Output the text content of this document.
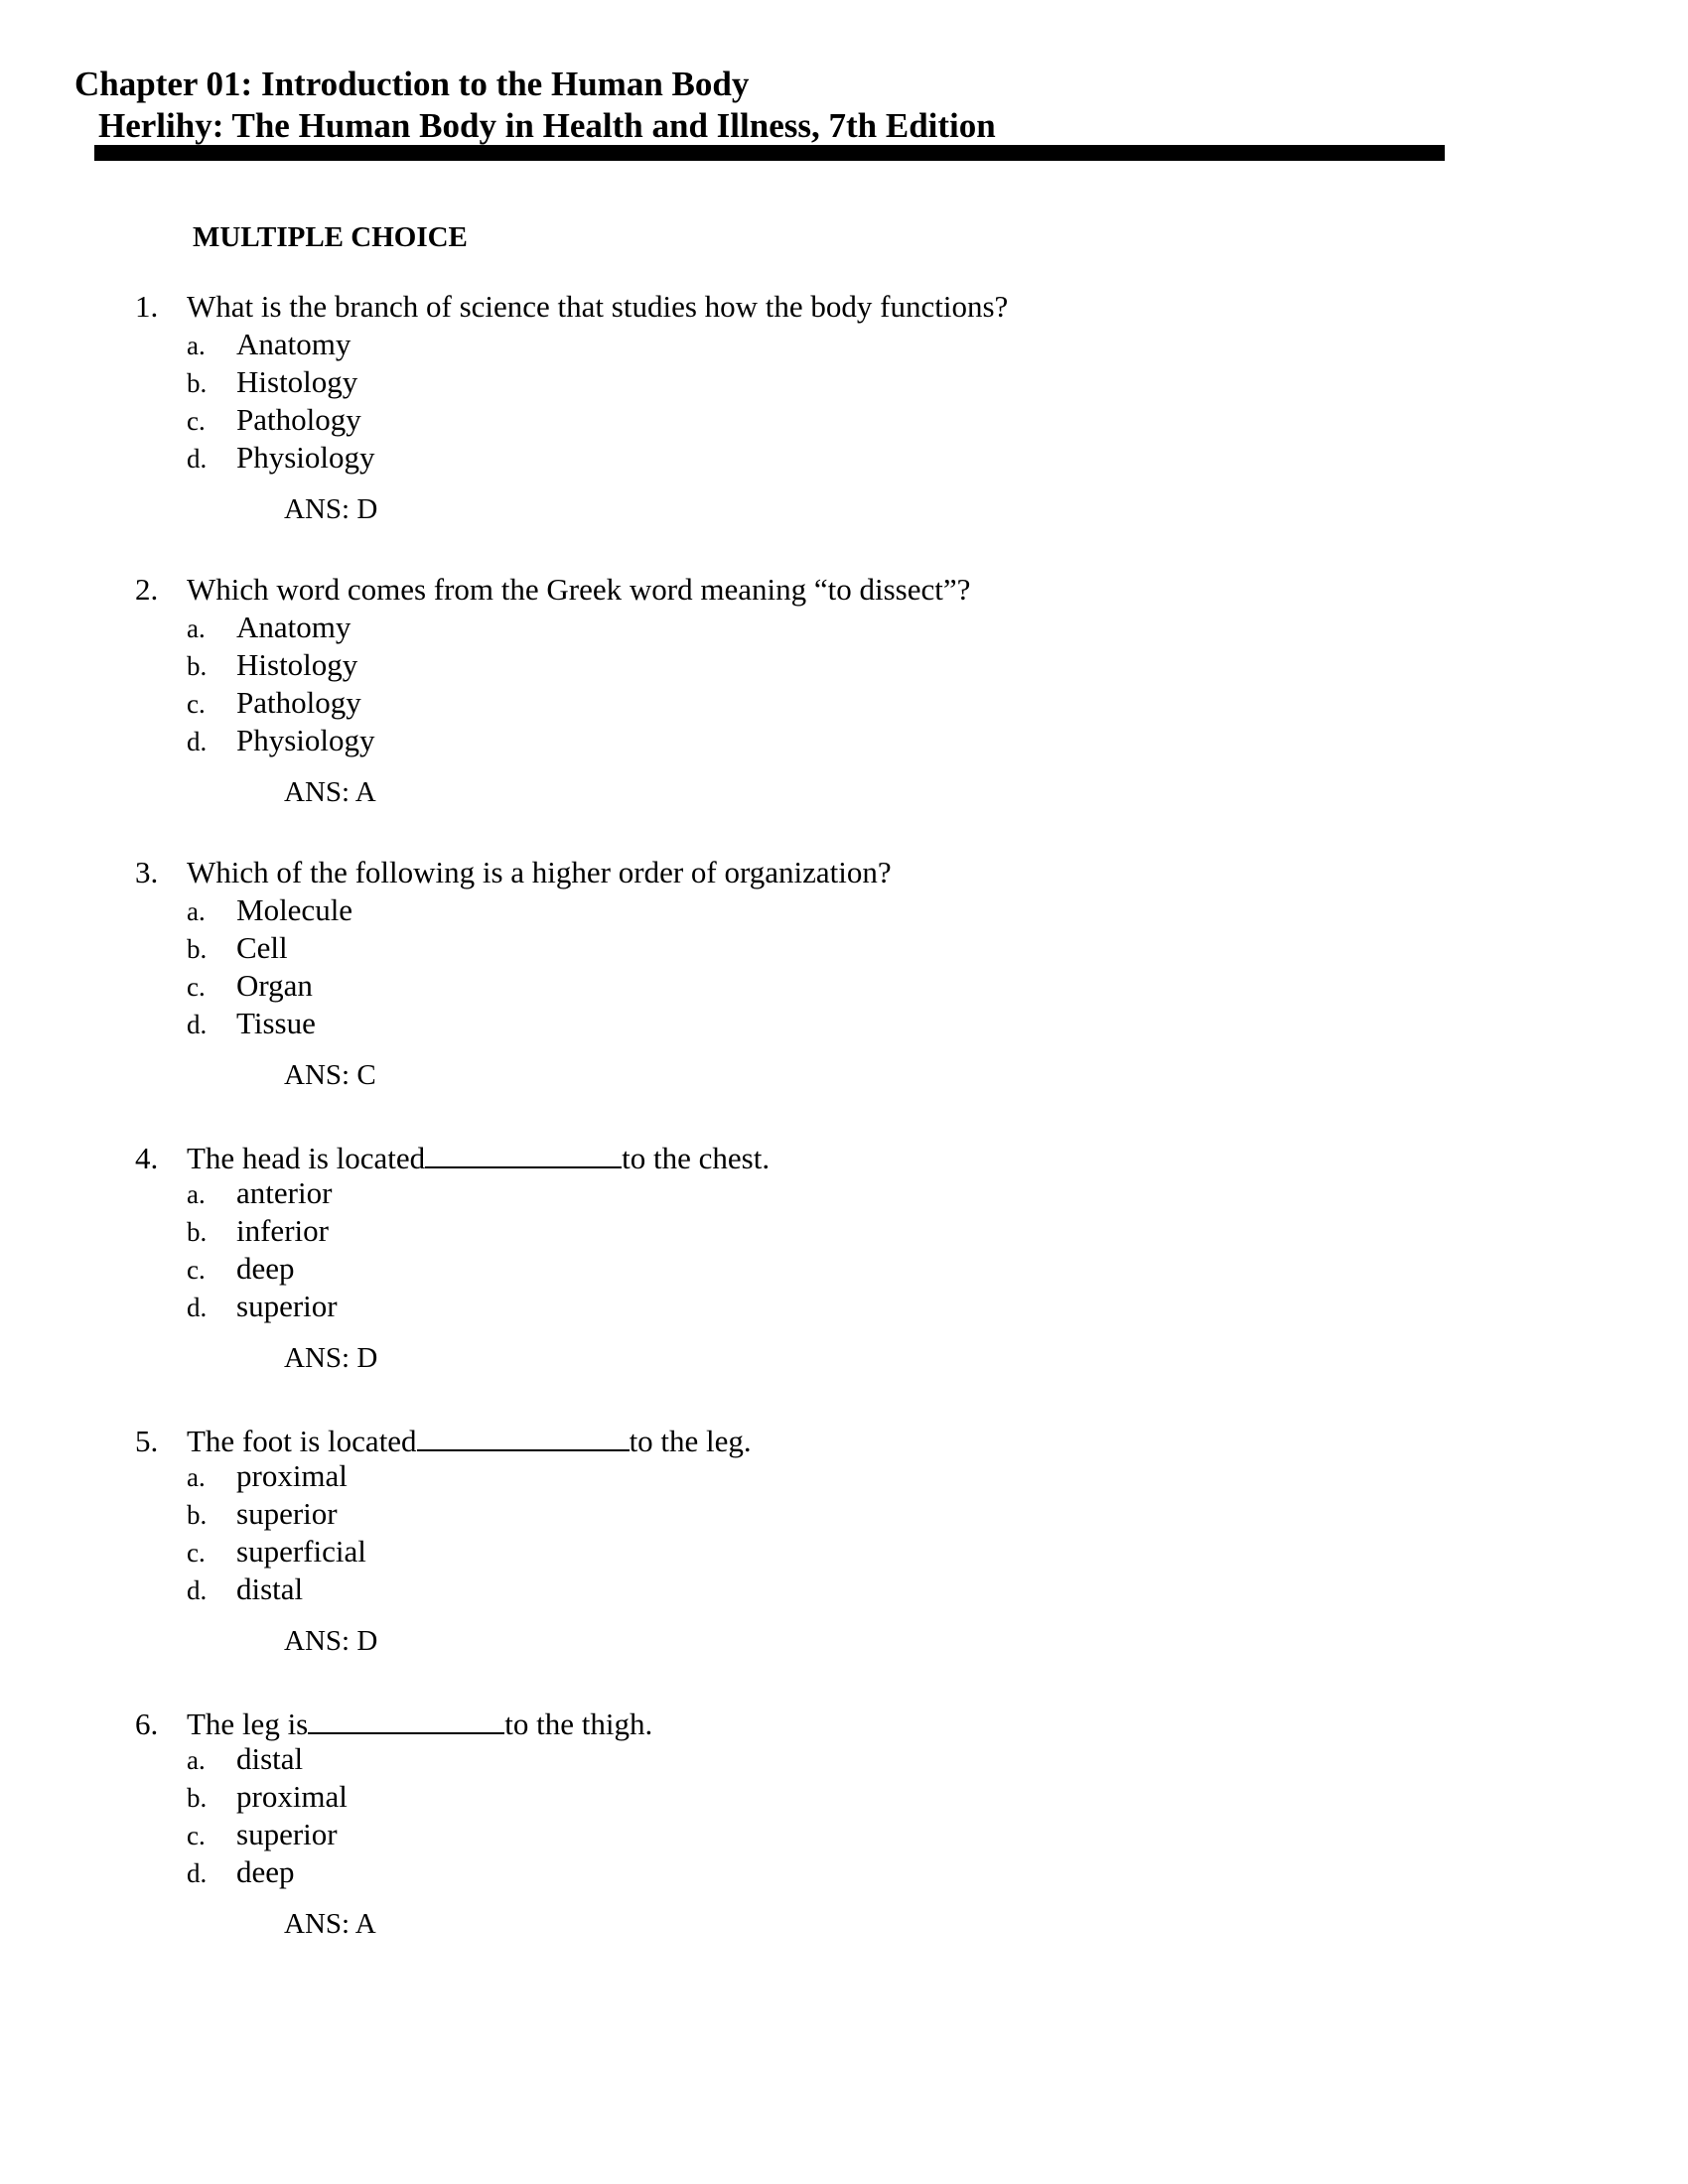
Chapter 01: Introduction to the Human Body

Herlihy: The Human Body in Health and Illness, 7th Edition

MULTIPLE CHOICE

1. What is the branch of science that studies how the body functions?
a. Anatomy
b. Histology
c. Pathology
d. Physiology
ANS: D
2. Which word comes from the Greek word meaning “to dissect”?
a. Anatomy
b. Histology
c. Pathology
d. Physiology
ANS: A
3. Which of the following is a higher order of organization?
a. Molecule
b. Cell
c. Organ
d. Tissue
ANS: C
4. The head is located	to the chest.
a. anterior
b. inferior
c. deep
d. superior
ANS: D
5. The foot is located	to the leg.
a. proximal
b. superior
c. superficial
d. distal
ANS: D
6. The leg is	to the thigh.
a. distal
b. proximal
c. superior
d. deep
ANS: A
